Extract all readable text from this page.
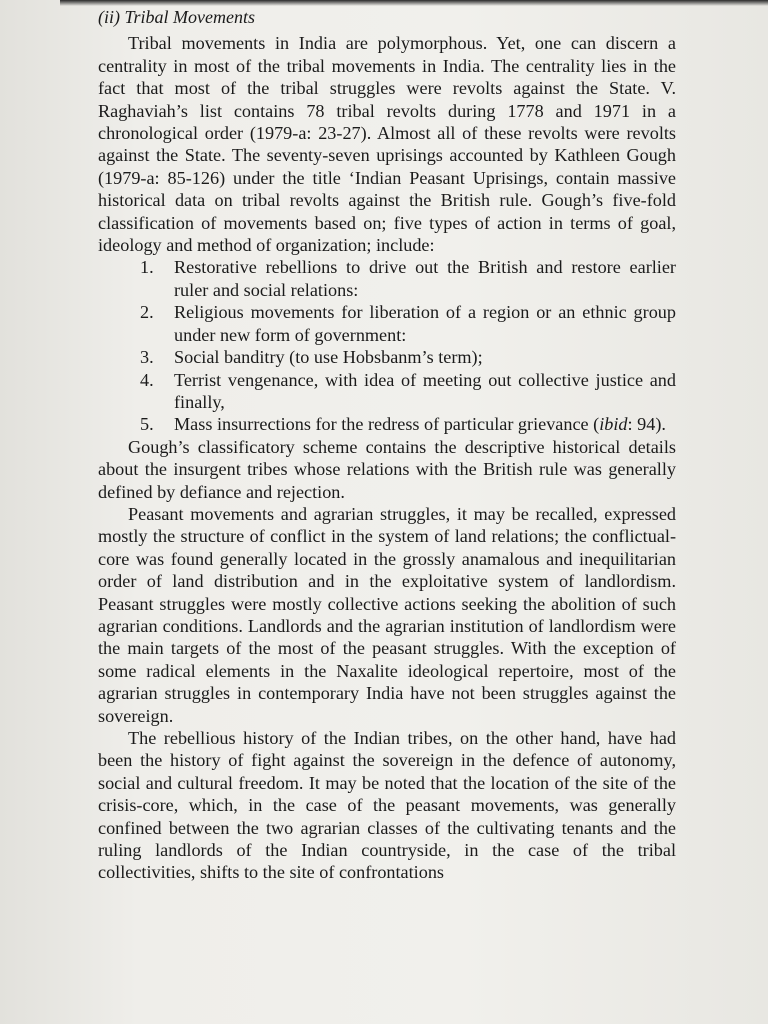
(ii) Tribal Movements

Tribal movements in India are polymorphous. Yet, one can discern a centrality in most of the tribal movements in India. The centrality lies in the fact that most of the tribal struggles were revolts against the State. V. Raghaviah’s list contains 78 tribal revolts during 1778 and 1971 in a chronological order (1979-a: 23-27). Almost all of these revolts were revolts against the State. The seventy-seven uprisings accounted by Kathleen Gough (1979-a: 85-126) under the title ‘Indian Peasant Uprisings, contain massive historical data on tribal revolts against the British rule. Gough’s five-fold classification of movements based on; five types of action in terms of goal, ideology and method of organization; include:

1. Restorative rebellions to drive out the British and restore earlier ruler and social relations:
2. Religious movements for liberation of a region or an ethnic group under new form of government:
3. Social banditry (to use Hobsbanm’s term);
4. Terrist vengenance, with idea of meeting out collective justice and finally,
5. Mass insurrections for the redress of particular grievance (ibid: 94).

Gough’s classificatory scheme contains the descriptive historical details about the insurgent tribes whose relations with the British rule was generally defined by defiance and rejection.

Peasant movements and agrarian struggles, it may be recalled, expressed mostly the structure of conflict in the system of land relations; the conflictual-core was found generally located in the grossly anamalous and inequilitarian order of land distribution and in the exploitative system of landlordism. Peasant struggles were mostly collective actions seeking the abolition of such agrarian conditions. Landlords and the agrarian institution of landlordism were the main targets of the most of the peasant struggles. With the exception of some radical elements in the Naxalite ideological repertoire, most of the agrarian struggles in contemporary India have not been struggles against the sovereign.

The rebellious history of the Indian tribes, on the other hand, have had been the history of fight against the sovereign in the defence of autonomy, social and cultural freedom. It may be noted that the location of the site of the crisis-core, which, in the case of the peasant movements, was generally confined between the two agrarian classes of the cultivating tenants and the ruling landlords of the Indian countryside, in the case of the tribal collectivities, shifts to the site of confrontations
